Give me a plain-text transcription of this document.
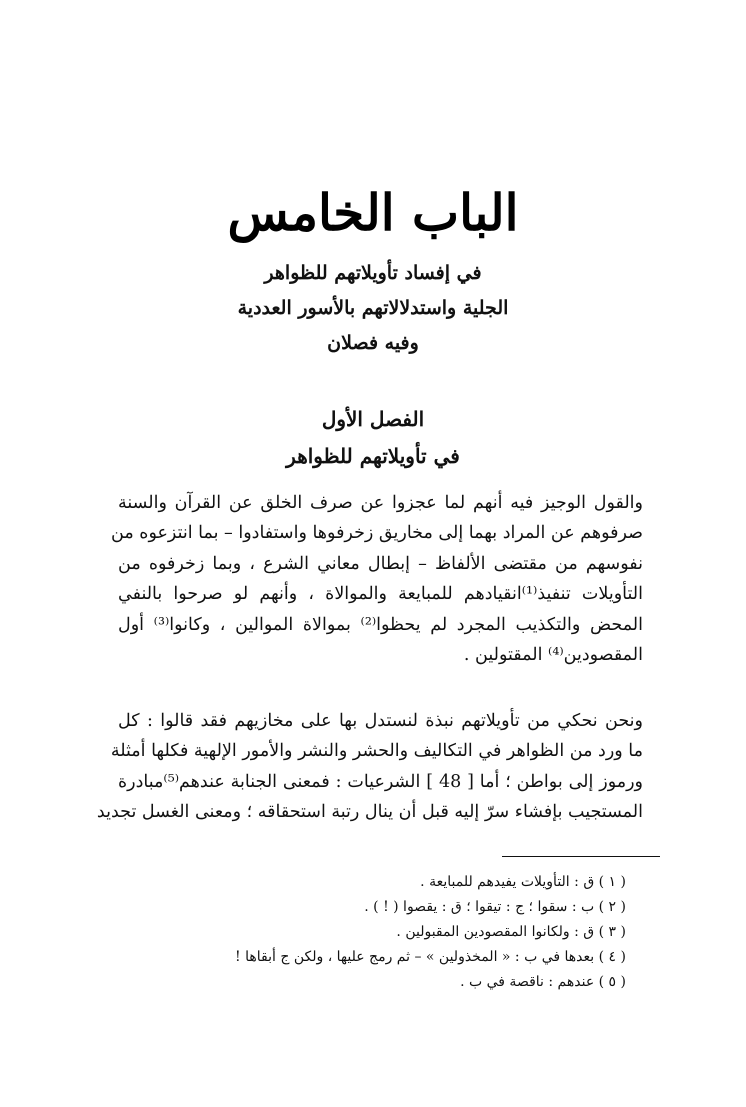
الباب الخامس
في إفساد تأويلاتهم للظواهر
الجلية واستدلالاتهم بالأسور العددية
وفيه فصلان
الفصل الأول
في تأويلاتهم للظواهر
والقول الوجيز فيه أنهم لما عجزوا عن صرف الخلق عن القرآن والسنة
صرفوهم عن المراد بهما إلى مخاريق زخرفوها واستفادوا – بما انتزعوه من
نفوسهم من مقتضى الألفاظ – إبطال معاني الشرع ، وبما زخرفوه من
التأويلات تنفيذ⁽¹⁾انقيادهم للمبايعة والموالاة ، وأنهم لو صرحوا بالنفي
المحض والتكذيب المجرد لم يحظوا⁽²⁾ بموالاة الموالين ، وكانوا⁽³⁾ أول
المقصودين⁽⁴⁾ المقتولين .
ونحن نحكي من تأويلاتهم نبذة لنستدل بها على مخازيهم فقد قالوا : كل
ما ورد من الظواهر في التكاليف والحشر والنشر والأمور الإلهية فكلها أمثلة
ورموز إلى بواطن ؛ أما [ 48 ] الشرعيات : فمعنى الجنابة عندهم⁽⁵⁾مبادرة
المستجيب بإفشاء سرّ إليه قبل أن ينال رتبة استحقاقه ؛ ومعنى الغسل تجديد
( ١ ) ق : التأويلات يفيدهم للمبايعة .
( ٢ ) ب : سقوا ؛ ج : تيقوا ؛ ق : يقصوا ( ! ) .
( ٣ ) ق : ولكانوا المقصودين المقبولين .
( ٤ ) بعدها في ب : « المخذولين » – ثم رمج عليها ، ولكن ج أبقاها !
( ٥ ) عندهم : ناقصة في ب .
